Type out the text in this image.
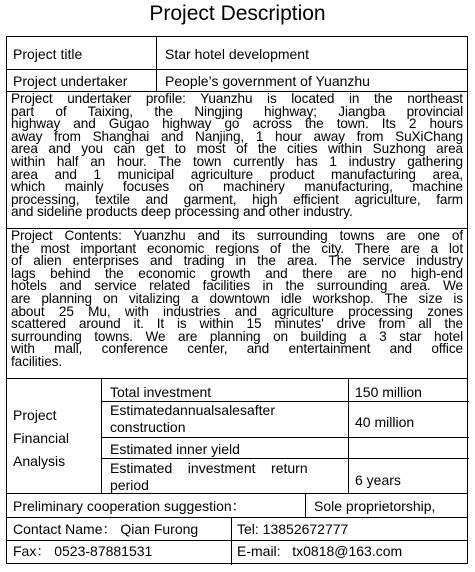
Project Description
Project title	Star hotel development
Project undertaker	People’s government of Yuanzhu
Project undertaker profile: Yuanzhu is located in the northeast
part of Taixing, the Ningjing highway; Jiangba provincial
highway and Gugao highway go across the town. Its 2 hours
away from Shanghai and Nanjing, 1 hour away from SuXiChang
area and you can get to most of the cities within Suzhong area
within half an hour. The town currently has 1 industry gathering
area and 1 municipal agriculture product manufacturing area,
which mainly focuses on machinery manufacturing, machine
processing, textile and garment, high efficient agriculture, farm
and sideline products deep processing and other industry.
Project Contents: Yuanzhu and its surrounding towns are one of
the most important economic regions of the city. There are a lot
of alien enterprises and trading in the area. The service industry
lags behind the economic growth and there are no high-end
hotels and service related facilities in the surrounding area. We
are planning on vitalizing a downtown idle workshop. The size is
about 25 Mu, with industries and agriculture processing zones
scattered around it. It is within 15 minutes' drive from all the
surrounding towns. We are planning on building a 3 star hotel
with mall, conference center, and entertainment and office
facilities.
Project
Financial
Analysis
Total investment	150 million
Estimatedannualsalesafter
construction	40 million
Estimated inner yield
Estimated    investment    return
period	6 years
Preliminary cooperation suggestion：	Sole proprietorship,
Contact Name： Qian Furong	Tel: 13852672777
Fax： 0523-87881531	E-mail:   tx0818@163.com
